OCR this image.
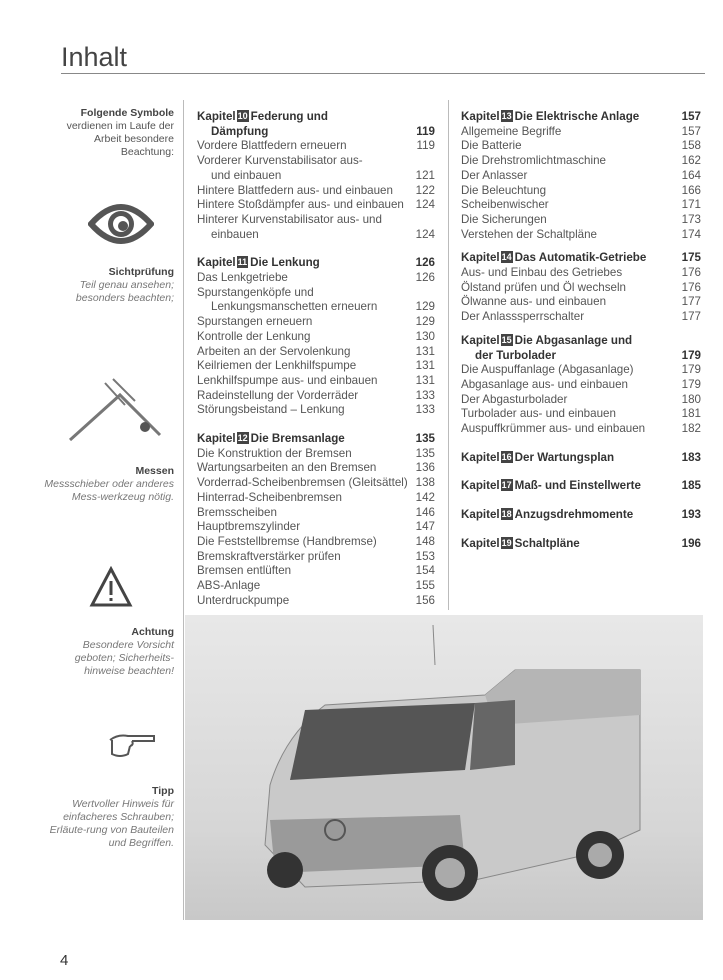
Inhalt
Folgende Symbole
verdienen im Laufe der Arbeit besondere Beachtung:
Sichtprüfung
Teil genau ansehen; besonders beachten;
Messen
Messschieber oder anderes Mess-werkzeug nötig.
Achtung
Besondere Vorsicht geboten; Sicherheits-hinweise beachten!
Tipp
Wertvoller Hinweis für einfacheres Schrauben; Erläute-rung von Bauteilen und Begriffen.
Kapitel 10 Federung und
Dämpfung	119
Vordere Blattfedern erneuern	119
Vorderer Kurvenstabilisator aus-
und einbauen	121
Hintere Blattfedern aus- und einbauen	122
Hintere Stoßdämpfer aus- und einbauen	124
Hinterer Kurvenstabilisator aus- und
einbauen	124
Kapitel 11 Die Lenkung	126
Das Lenkgetriebe	126
Spurstangenköpfe und
Lenkungsmanschetten erneuern	129
Spurstangen erneuern	129
Kontrolle der Lenkung	130
Arbeiten an der Servolenkung	131
Keilriemen der Lenkhilfspumpe	131
Lenkhilfspumpe aus- und einbauen	131
Radeinstellung der Vorderräder	133
Störungsbeistand – Lenkung	133
Kapitel 12 Die Bremsanlage	135
Die Konstruktion der Bremsen	135
Wartungsarbeiten an den Bremsen	136
Vorderrad-Scheibenbremsen (Gleitsättel) 138
Hinterrad-Scheibenbremsen	142
Bremsscheiben	146
Hauptbremszylinder	147
Die Feststellbremse (Handbremse)	148
Bremskraftverstärker prüfen	153
Bremsen entlüften	154
ABS-Anlage	155
Unterdruckpumpe	156
Kapitel 13 Die Elektrische Anlage	157
Allgemeine Begriffe	157
Die Batterie	158
Die Drehstromlichtmaschine	162
Der Anlasser	164
Die Beleuchtung	166
Scheibenwischer	171
Die Sicherungen	173
Verstehen der Schaltpläne	174
Kapitel 14 Das Automatik-Getriebe	175
Aus- und Einbau des Getriebes	176
Ölstand prüfen und Öl wechseln	176
Ölwanne aus- und einbauen	177
Der Anlasssperrschalter	177
Kapitel 15 Die Abgasanlage und
der Turbolader	179
Die Auspuffanlage (Abgasanlage)	179
Abgasanlage aus- und einbauen	179
Der Abgasturbolader	180
Turbolader aus- und einbauen	181
Auspuffkrümmer aus- und einbauen	182
Kapitel 16 Der Wartungsplan	183
Kapitel 17 Maß- und Einstellwerte	185
Kapitel 18 Anzugsdrehmomente	193
Kapitel 19 Schaltpläne	196
4
